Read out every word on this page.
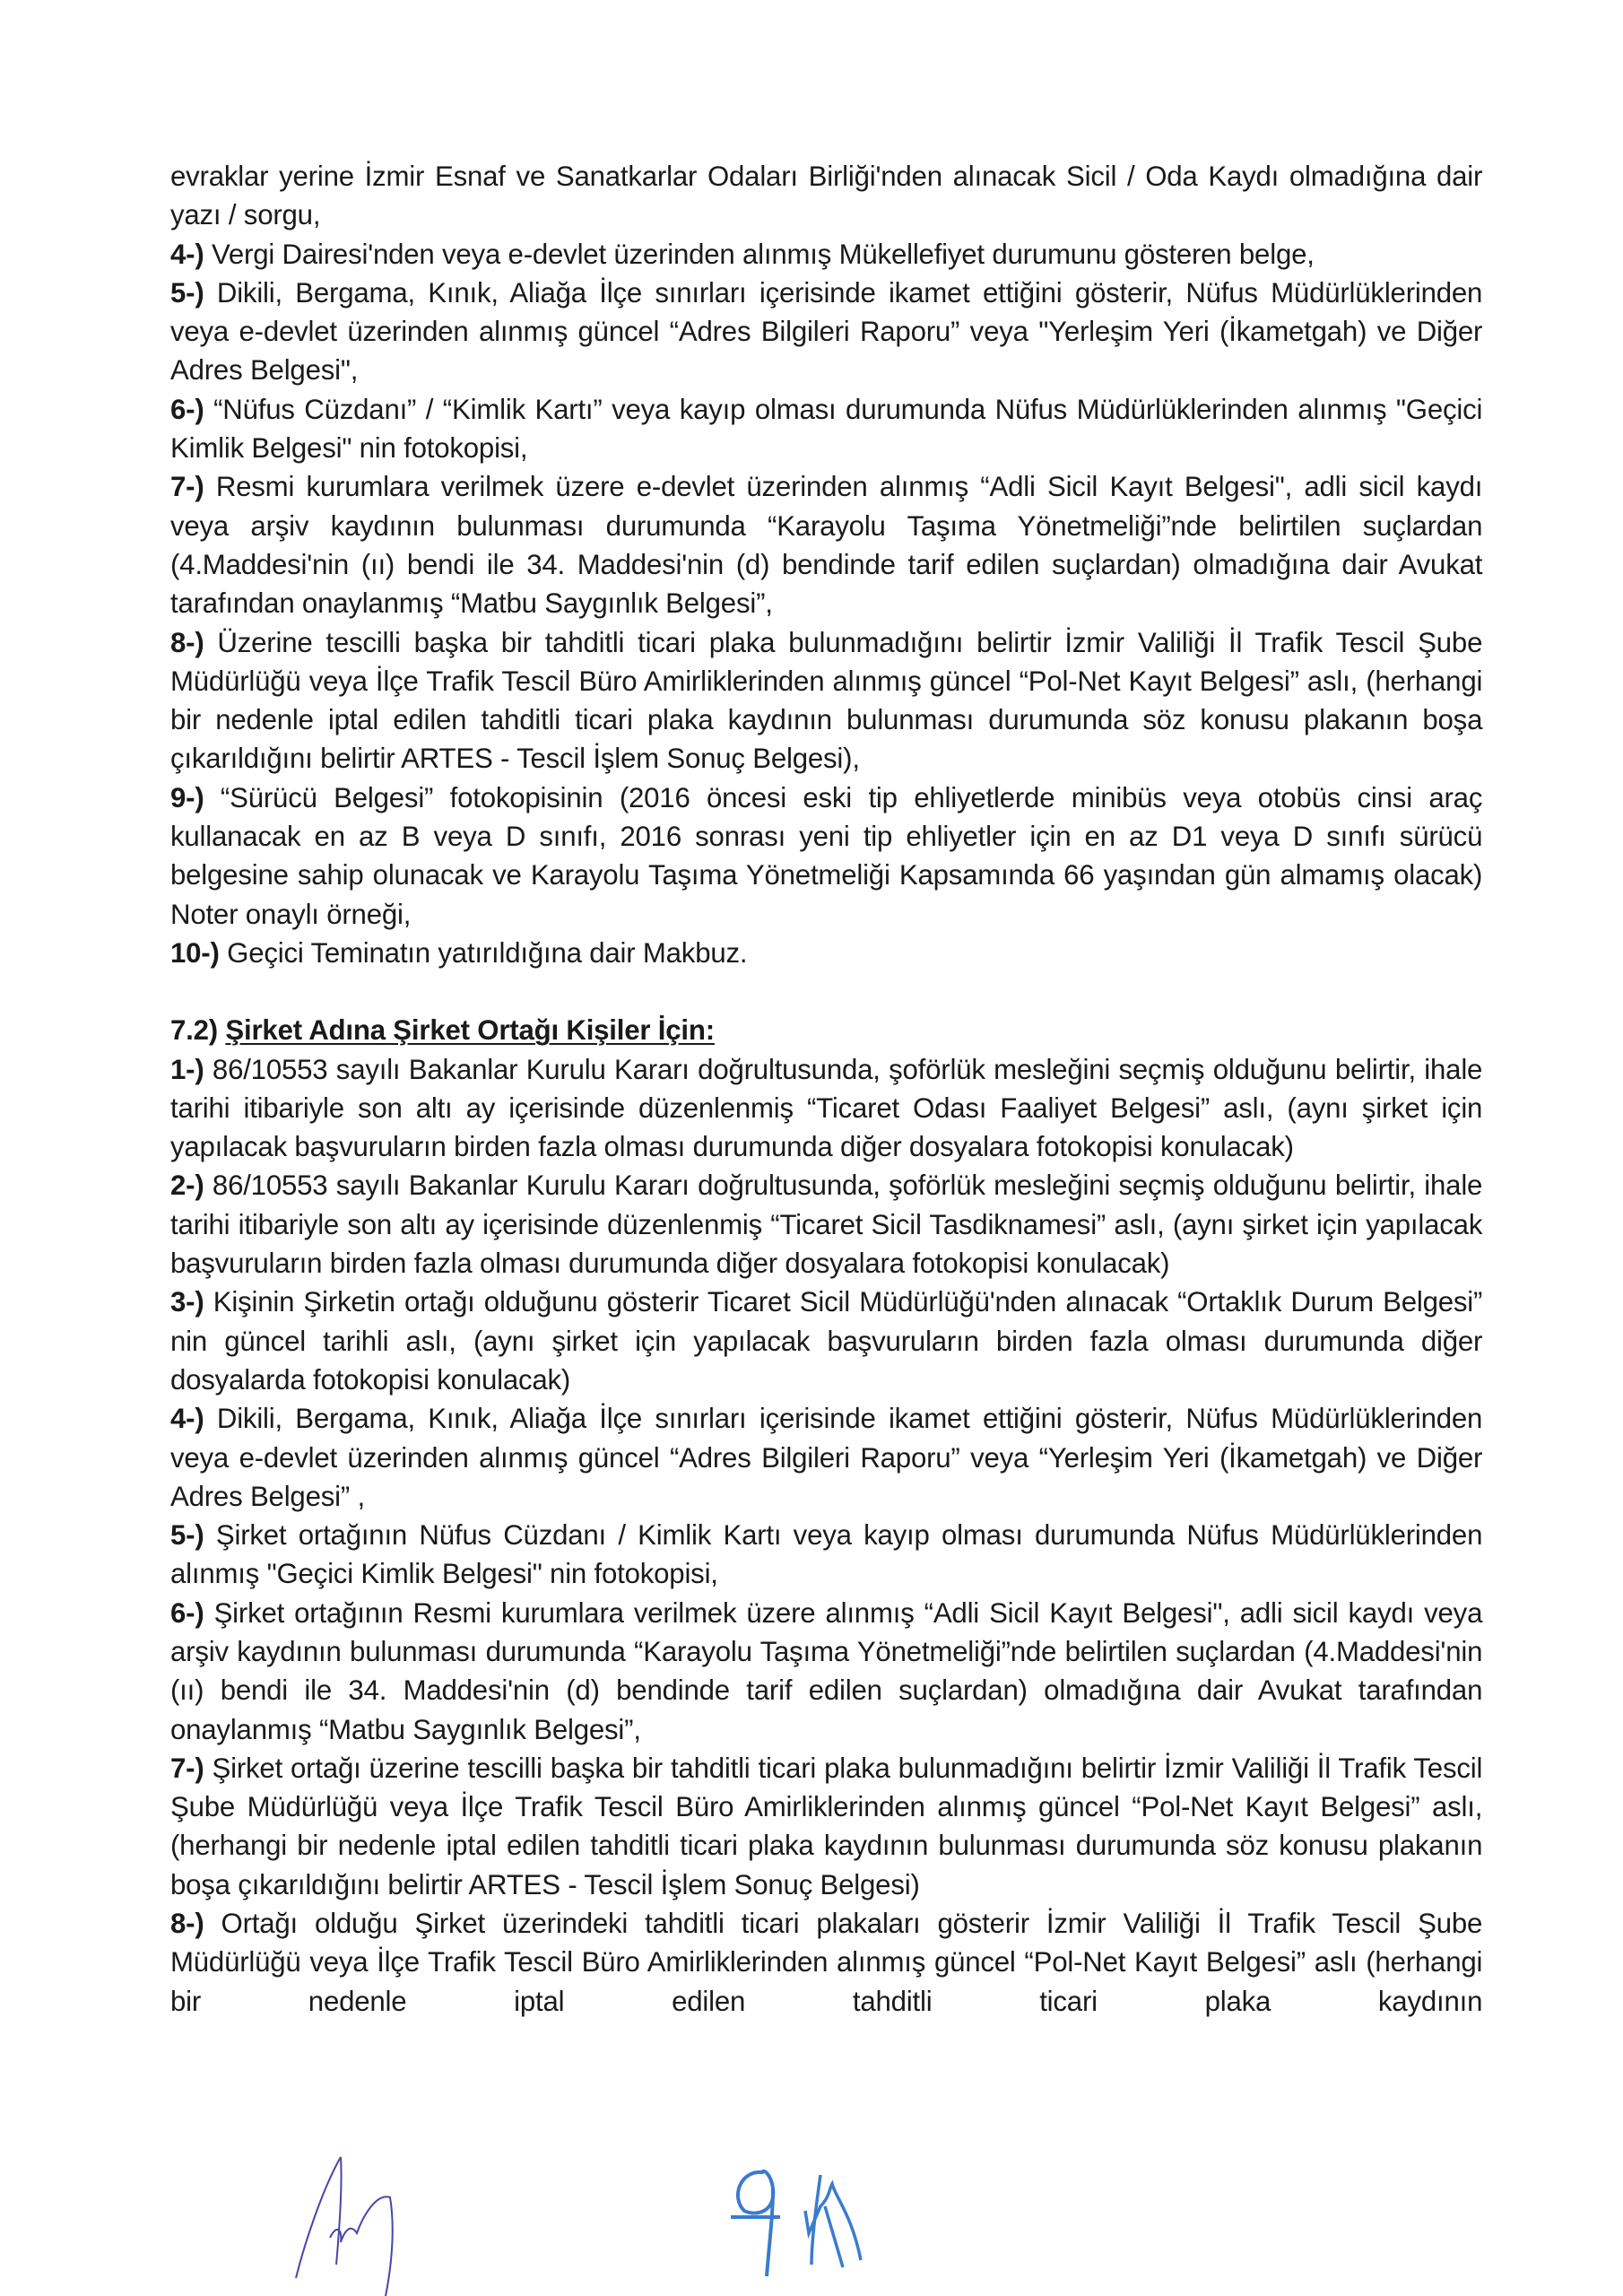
evraklar yerine İzmir Esnaf ve Sanatkarlar Odaları Birliği'nden alınacak Sicil / Oda Kaydı olmadığına dair yazı / sorgu,

4-) Vergi Dairesi'nden veya e-devlet üzerinden alınmış Mükellefiyet durumunu gösteren belge,

5-) Dikili, Bergama, Kınık, Aliağa İlçe sınırları içerisinde ikamet ettiğini gösterir, Nüfus Müdürlüklerinden veya e-devlet üzerinden alınmış güncel “Adres Bilgileri Raporu” veya "Yerleşim Yeri (İkametgah) ve Diğer Adres Belgesi",

6-) “Nüfus Cüzdanı” / “Kimlik Kartı” veya kayıp olması durumunda Nüfus Müdürlüklerinden alınmış "Geçici Kimlik Belgesi" nin fotokopisi,

7-) Resmi kurumlara verilmek üzere e-devlet üzerinden alınmış “Adli Sicil Kayıt Belgesi", adli sicil kaydı veya arşiv kaydının bulunması durumunda “Karayolu Taşıma Yönetmeliği”nde belirtilen suçlardan (4.Maddesi'nin (ıı) bendi ile 34. Maddesi'nin (d) bendinde tarif edilen suçlardan) olmadığına dair Avukat tarafından onaylanmış “Matbu Saygınlık Belgesi”,

8-) Üzerine tescilli başka bir tahditli ticari plaka bulunmadığını belirtir İzmir Valiliği İl Trafik Tescil Şube Müdürlüğü veya İlçe Trafik Tescil Büro Amirliklerinden alınmış güncel “Pol-Net Kayıt Belgesi” aslı, (herhangi bir nedenle iptal edilen tahditli ticari plaka kaydının bulunması durumunda söz konusu plakanın boşa çıkarıldığını belirtir ARTES - Tescil İşlem Sonuç Belgesi),

9-) “Sürücü Belgesi” fotokopisinin (2016 öncesi eski tip ehliyetlerde minibüs veya otobüs cinsi araç kullanacak en az B veya D sınıfı, 2016 sonrası yeni tip ehliyetler için en az D1 veya D sınıfı sürücü belgesine sahip olunacak ve Karayolu Taşıma Yönetmeliği Kapsamında 66 yaşından gün almamış olacak) Noter onaylı örneği,

10-) Geçici Teminatın yatırıldığına dair Makbuz.

7.2) Şirket Adına Şirket Ortağı Kişiler İçin:

1-) 86/10553 sayılı Bakanlar Kurulu Kararı doğrultusunda, şoförlük mesleğini seçmiş olduğunu belirtir, ihale tarihi itibariyle son altı ay içerisinde düzenlenmiş “Ticaret Odası Faaliyet Belgesi” aslı, (aynı şirket için yapılacak başvuruların birden fazla olması durumunda diğer dosyalara fotokopisi konulacak)

2-) 86/10553 sayılı Bakanlar Kurulu Kararı doğrultusunda, şoförlük mesleğini seçmiş olduğunu belirtir, ihale tarihi itibariyle son altı ay içerisinde düzenlenmiş “Ticaret Sicil Tasdiknamesi” aslı, (aynı şirket için yapılacak başvuruların birden fazla olması durumunda diğer dosyalara fotokopisi konulacak)

3-) Kişinin Şirketin ortağı olduğunu gösterir Ticaret Sicil Müdürlüğü'nden alınacak “Ortaklık Durum Belgesi” nin güncel tarihli aslı, (aynı şirket için yapılacak başvuruların birden fazla olması durumunda diğer dosyalarda fotokopisi konulacak)

4-) Dikili, Bergama, Kınık, Aliağa İlçe sınırları içerisinde ikamet ettiğini gösterir, Nüfus Müdürlüklerinden veya e-devlet üzerinden alınmış güncel “Adres Bilgileri Raporu” veya “Yerleşim Yeri (İkametgah) ve Diğer Adres Belgesi” ,

5-) Şirket ortağının Nüfus Cüzdanı / Kimlik Kartı veya kayıp olması durumunda Nüfus Müdürlüklerinden alınmış "Geçici Kimlik Belgesi" nin fotokopisi,

6-) Şirket ortağının Resmi kurumlara verilmek üzere alınmış “Adli Sicil Kayıt Belgesi", adli sicil kaydı veya arşiv kaydının bulunması durumunda “Karayolu Taşıma Yönetmeliği”nde belirtilen suçlardan (4.Maddesi'nin (ıı) bendi ile 34. Maddesi'nin (d) bendinde tarif edilen suçlardan) olmadığına dair Avukat tarafından onaylanmış “Matbu Saygınlık Belgesi”,

7-) Şirket ortağı üzerine tescilli başka bir tahditli ticari plaka bulunmadığını belirtir İzmir Valiliği İl Trafik Tescil Şube Müdürlüğü veya İlçe Trafik Tescil Büro Amirliklerinden alınmış güncel “Pol-Net Kayıt Belgesi” aslı, (herhangi bir nedenle iptal edilen tahditli ticari plaka kaydının bulunması durumunda söz konusu plakanın boşa çıkarıldığını belirtir ARTES - Tescil İşlem Sonuç Belgesi)

8-) Ortağı olduğu Şirket üzerindeki tahditli ticari plakaları gösterir İzmir Valiliği İl Trafik Tescil Şube Müdürlüğü veya İlçe Trafik Tescil Büro Amirliklerinden alınmış güncel “Pol-Net Kayıt Belgesi” aslı (herhangi bir nedenle iptal edilen tahditli ticari plaka kaydının
